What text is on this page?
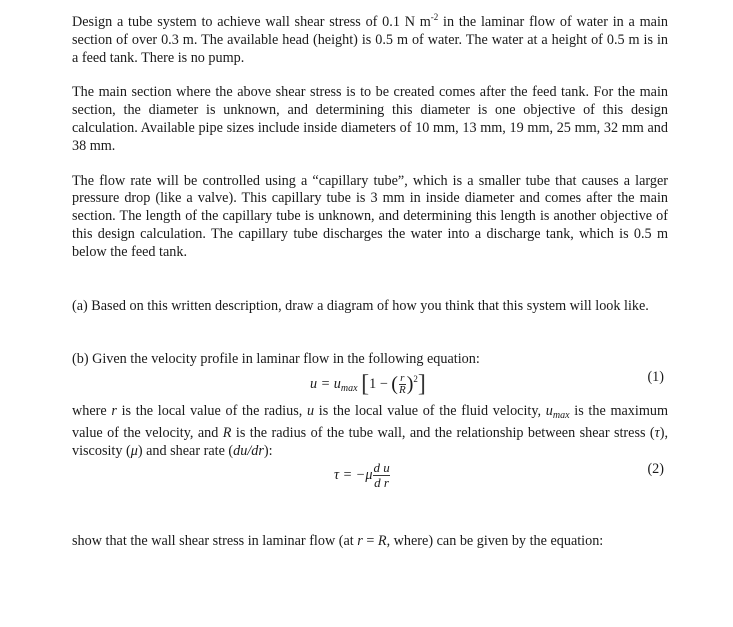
Design a tube system to achieve wall shear stress of 0.1 N $m^{-2}$ in the laminar flow of water in a main section of over 0.3 m. The available head (height) is 0.5 m of water. The water at a height of 0.5 m is in a feed tank. There is no pump.

The main section where the above shear stress is to be created comes after the feed tank. For the main section, the diameter is unknown, and determining this diameter is one objective of this design calculation. Available pipe sizes include inside diameters of 10 mm, 13 mm, 19 mm, 25 mm, 32 mm and 38 mm.

The flow rate will be controlled using a “capillary tube”, which is a smaller tube that causes a larger pressure drop (like a valve). This capillary tube is 3 mm in inside diameter and comes after the main section. The length of the capillary tube is unknown, and determining this length is another objective of this design calculation. The capillary tube discharges the water into a discharge tank, which is 0.5 m below the feed tank.

(a) Based on this written description, draw a diagram of how you think that this system will look like.

(b) Given the velocity profile in laminar flow in the following equation:

$u = u_{max}$ [1 − ( $\frac{r}{R} )^2$]	(1)

where r is the local value of the radius, u is the local value of the fluid velocity, $u_{max}$ is the maximum value of the velocity, and R is the radius of the tube wall, and the relationship between shear stress (τ), viscosity (μ) and shear rate (du/dr):

$\tau = -\mu \frac{\text{d u}}{\text{d r}}$	(2)

show that the wall shear stress in laminar flow (at r = R, where) can be given by the equation:
